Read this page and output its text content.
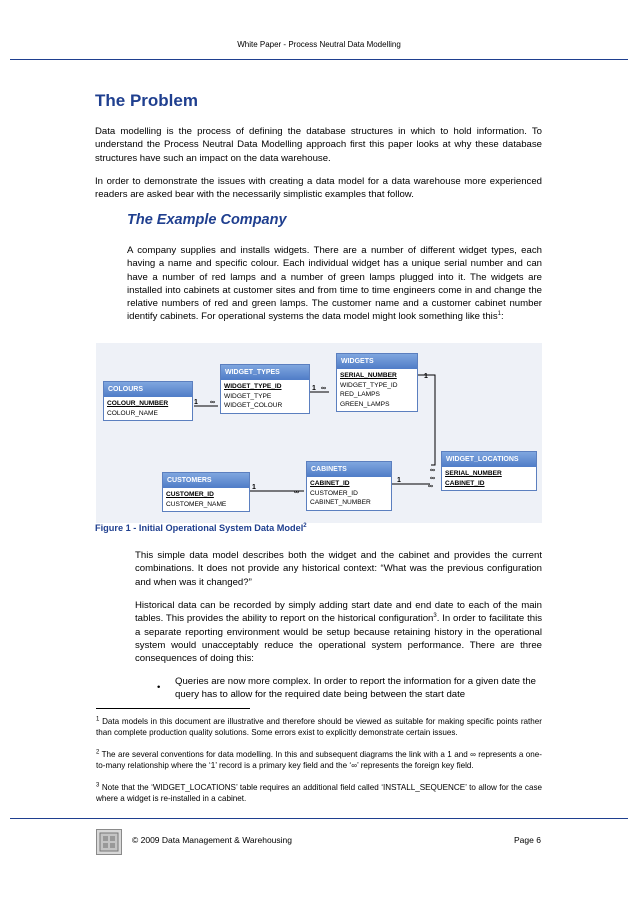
White Paper - Process Neutral Data Modelling
The Problem

Data modelling is the process of defining the database structures in which to hold information. To understand the Process Neutral Data Modelling approach first this paper looks at why these database structures have such an impact on the data warehouse.

In order to demonstrate the issues with creating a data model for a data warehouse more experienced readers are asked bear with the necessarily simplistic examples that follow.

The Example Company

A company supplies and installs widgets. There are a number of different widget types, each having a name and specific colour. Each individual widget has a unique serial number and can have a number of red lamps and a number of green lamps plugged into it. The widgets are installed into cabinets at customer sites and from time to time engineers come in and change the relative numbers of red and green lamps. The customer name and a customer cabinet number identify cabinets. For operational systems the data model might look something like this$^1$:

1 ∞
1 ∞
1
∞
∞
1
∞
1
∞
COLOURS
COLOUR_NUMBER
COLOUR_NAME
WIDGET_TYPES
WIDGET_TYPE_ID
WIDGET_TYPE
WIDGET_COLOUR
WIDGETS
SERIAL_NUMBER
WIDGET_TYPE_ID
RED_LAMPS
GREEN_LAMPS
CUSTOMERS
CUSTOMER_ID
CUSTOMER_NAME
CABINETS
CABINET_ID
CUSTOMER_ID
CABINET_NUMBER
WIDGET_LOCATIONS
SERIAL_NUMBER
CABINET_ID
Figure 1 - Initial Operational System Data Model$^2$

This simple data model describes both the widget and the cabinet and provides the current combinations. It does not provide any historical context: “What was the previous configuration and when was it changed?”

Historical data can be recorded by simply adding start date and end date to each of the main tables. This provides the ability to report on the historical configuration$^3$. In order to facilitate this a separate reporting environment would be setup because retaining history in the operational system would unacceptably reduce the operational system performance. There are three consequences of doing this:

•

Queries are now more complex. In order to report the information for a given date the query has to allow for the required date being between the start date

$^1$ Data models in this document are illustrative and therefore should be viewed as suitable for making specific points rather than complete production quality solutions. Some errors exist to explicitly demonstrate certain issues.

$^2$ The are several conventions for data modelling. In this and subsequent diagrams the link with a 1 and ∞ represents a one-to-many relationship where the ‘1’ record is a primary key field and the ‘∞’ represents the foreign key field.

$^3$ Note that the ‘WIDGET_LOCATIONS’ table requires an additional field called ‘INSTALL_SEQUENCE’ to allow for the case where a widget is re-installed in a cabinet.

© 2009 Data Management & Warehousing	Page 6
